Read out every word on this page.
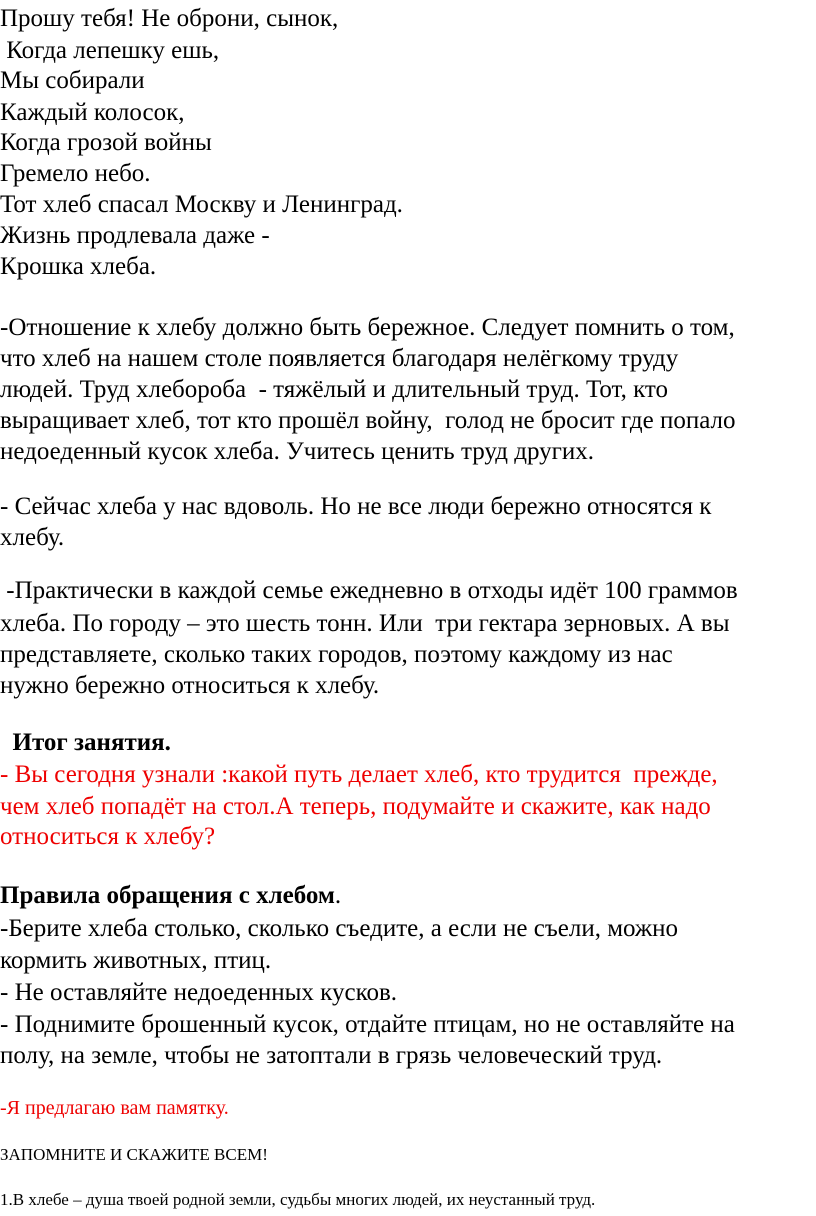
Прошу тебя! Не оброни, сынок,

Когда лепешку ешь,

Мы собирали

Каждый колосок,

Когда грозой войны

Гремело небо.

Тот хлеб спасал Москву и Ленинград.

Жизнь продлевала даже -

Крошка хлеба.

-Отношение к хлебу должно быть бережное. Следует помнить о том,

что хлеб на нашем столе появляется благодаря нелёгкому труду

людей. Труд хлебороба  - тяжёлый и длительный труд. Тот, кто

выращивает хлеб, тот кто прошёл войну,  голод не бросит где попало

недоеденный кусок хлеба. Учитесь ценить труд других.

- Сейчас хлеба у нас вдоволь. Но не все люди бережно относятся к

хлебу.

-Практически в каждой семье ежедневно в отходы идёт 100 граммов

хлеба. По городу – это шесть тонн. Или  три гектара зерновых. А вы

представляете, сколько таких городов, поэтому каждому из нас

нужно бережно относиться к хлебу.

Итог занятия.

- Вы сегодня узнали :какой путь делает хлеб, кто трудится  прежде,

чем хлеб попадёт на стол.А теперь, подумайте и скажите, как надо

относиться к хлебу?

Правила обращения с хлебом.

-Берите хлеба столько, сколько съедите, а если не съели, можно

кормить животных, птиц.

- Не оставляйте недоеденных кусков.

- Поднимите брошенный кусок, отдайте птицам, но не оставляйте на

полу, на земле, чтобы не затоптали в грязь человеческий труд.

-Я предлагаю вам памятку.

ЗАПОМНИТЕ И СКАЖИТЕ ВСЕМ!

1.В хлебе – душа твоей родной земли, судьбы многих людей, их неустанный труд.
